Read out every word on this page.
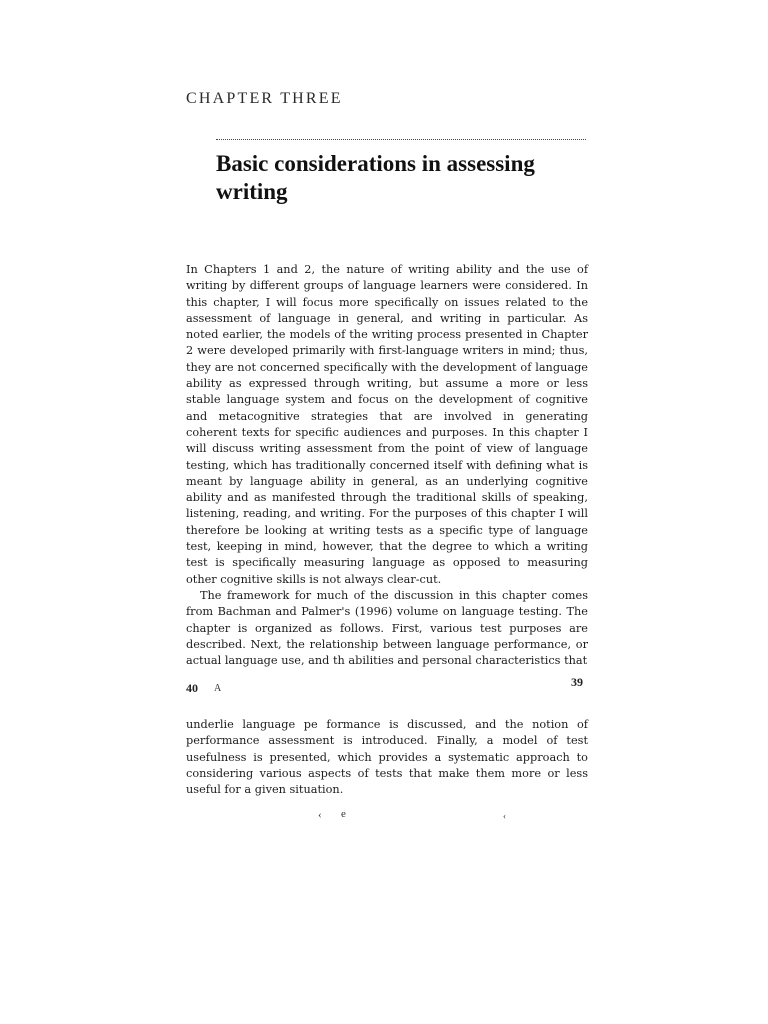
CHAPTER THREE
Basic considerations in assessing writing

In Chapters 1 and 2, the nature of writing ability and the use of writing by different groups of language learners were considered. In this chapter, I will focus more specifically on issues related to the assessment of language in general, and writing in particular. As noted earlier, the models of the writing process presented in Chapter 2 were developed primarily with first-language writers in mind; thus, they are not concerned specifically with the development of language ability as expressed through writing, but assume a more or less stable language system and focus on the development of cognitive and metacognitive strategies that are involved in generating coherent texts for specific audiences and purposes. In this chapter I will discuss writing assessment from the point of view of language testing, which has traditionally concerned itself with defining what is meant by language ability in general, as an underlying cognitive ability and as manifested through the traditional skills of speaking, listening, reading, and writing. For the purposes of this chapter I will therefore be looking at writing tests as a specific type of language test, keeping in mind, however, that the degree to which a writing test is specifically measuring language as opposed to measuring other cognitive skills is not always clear-cut.

The framework for much of the discussion in this chapter comes from Bachman and Palmer's (1996) volume on language testing. The chapter is organized as follows. First, various test purposes are described. Next, the relationship between language performance, or actual language use, and th abilities and personal characteristics that

39
40 A

underlie language pe formance is discussed, and the notion of performance assessment is introduced. Finally, a model of test usefulness is presented, which provides a systematic approach to considering various aspects of tests that make them more or less useful for a given situation.

‹ e	‹
